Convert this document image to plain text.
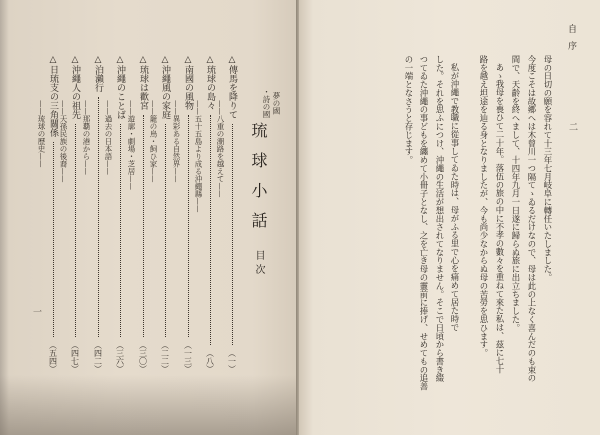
・詩の國 夢の國
琉球小話
目次
△傳馬を降りて
（一）
——八重の潮路を越えて——
△琉球の島々
（八）
——五十五島より成る沖繩縣——
△南國の風物
（一三）
——異彩ある自然界——
△沖繩風の家庭
（二二）
——籠の鳥・飼ひ家——
△琉球は歡宮
（三〇）
——遊廓・劇場・芝居——
△沖繩のことば
（三六）
——過去の日本語——
△泊瀨行
（四二）
——那覇の港から——
△沖繩人の祖先
（四七）
——天孫民族の後裔——
△日琉支の三角關係
（五四）
——琉球の歷史——
一
自序
二
母の日切の願を容れて十三年七月岐阜に轉任いたしました。
今度こそは故郷へは木曾川一つ隔てゝゐるだけなので、母は此の上なく喜んだのも束の
間で、天齡を終へまして、十四年九月一日遂に歸らぬ旅に出立ちました。
あゝ我母を喪ひて二十年。落伍の旅の中に不孝の數々を重ねて來た私は、茲に七十
路を越え坦途を辿る身となりましたが、今も尚少なからぬ母の苦勞を思ひます。
私が沖繩で教職に從事してゐた時は、母がふる里で心を痛めて居た時で
した。それを思ふにつけ、沖繩の生活が想出されてなりません。そこで日頃から書き綴
つてゐた沖繩の事どもを纏めて小冊子となし、之を亡き母の靈前に捧げ、せめてもの追善
の一端となさうと存じます。
